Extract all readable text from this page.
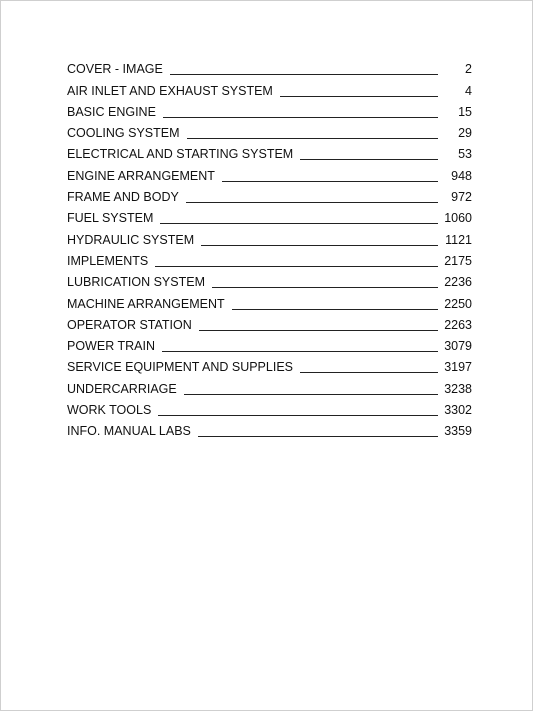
COVER - IMAGE	2
AIR INLET AND EXHAUST SYSTEM	4
BASIC ENGINE	15
COOLING SYSTEM	29
ELECTRICAL AND STARTING SYSTEM	53
ENGINE ARRANGEMENT	948
FRAME AND BODY	972
FUEL SYSTEM	1060
HYDRAULIC SYSTEM	1121
IMPLEMENTS	2175
LUBRICATION SYSTEM	2236
MACHINE ARRANGEMENT	2250
OPERATOR STATION	2263
POWER TRAIN	3079
SERVICE EQUIPMENT AND SUPPLIES	3197
UNDERCARRIAGE	3238
WORK TOOLS	3302
INFO. MANUAL LABS	3359
